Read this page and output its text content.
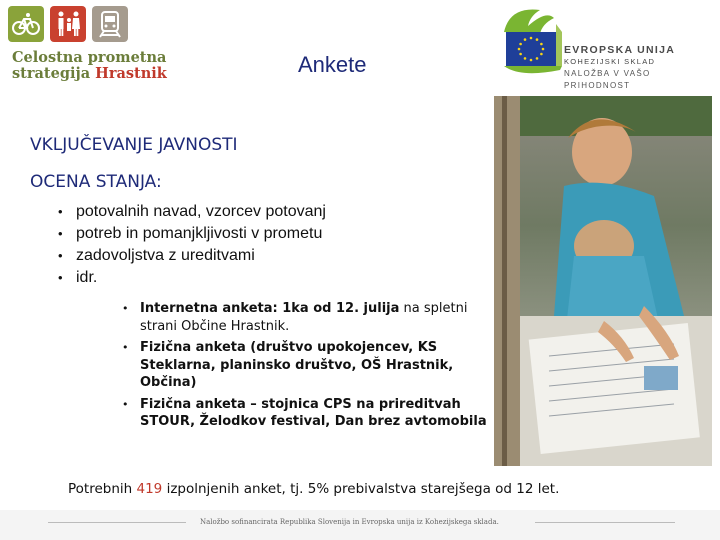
Celostna prometna
strategija Hrastnik	Ankete
EVROPSKA UNIJA
KOHEZIJSKI SKLAD
NALOŽBA V VAŠO PRIHODNOST
VKLJUČEVANJE JAVNOSTI
OCENA STANJA:
• potovalnih navad, vzorcev potovanj
• potreb in pomanjkljivosti v prometu
• zadovoljstva z ureditvami
• idr.
• Internetna anketa: 1ka od 12. julija na spletni strani Občine Hrastnik.
• Fizična anketa (društvo upokojencev, KS Steklarna, planinsko društvo, OŠ Hrastnik, Občina)
• Fizična anketa – stojnica CPS na prireditvah STOUR, Želodkov festival, Dan brez avtomobila
Potrebnih 419 izpolnjenih anket, tj. 5% prebivalstva starejšega od 12 let.
Naložbo sofinancirata Republika Slovenija in Evropska unija iz Kohezijskega sklada.
